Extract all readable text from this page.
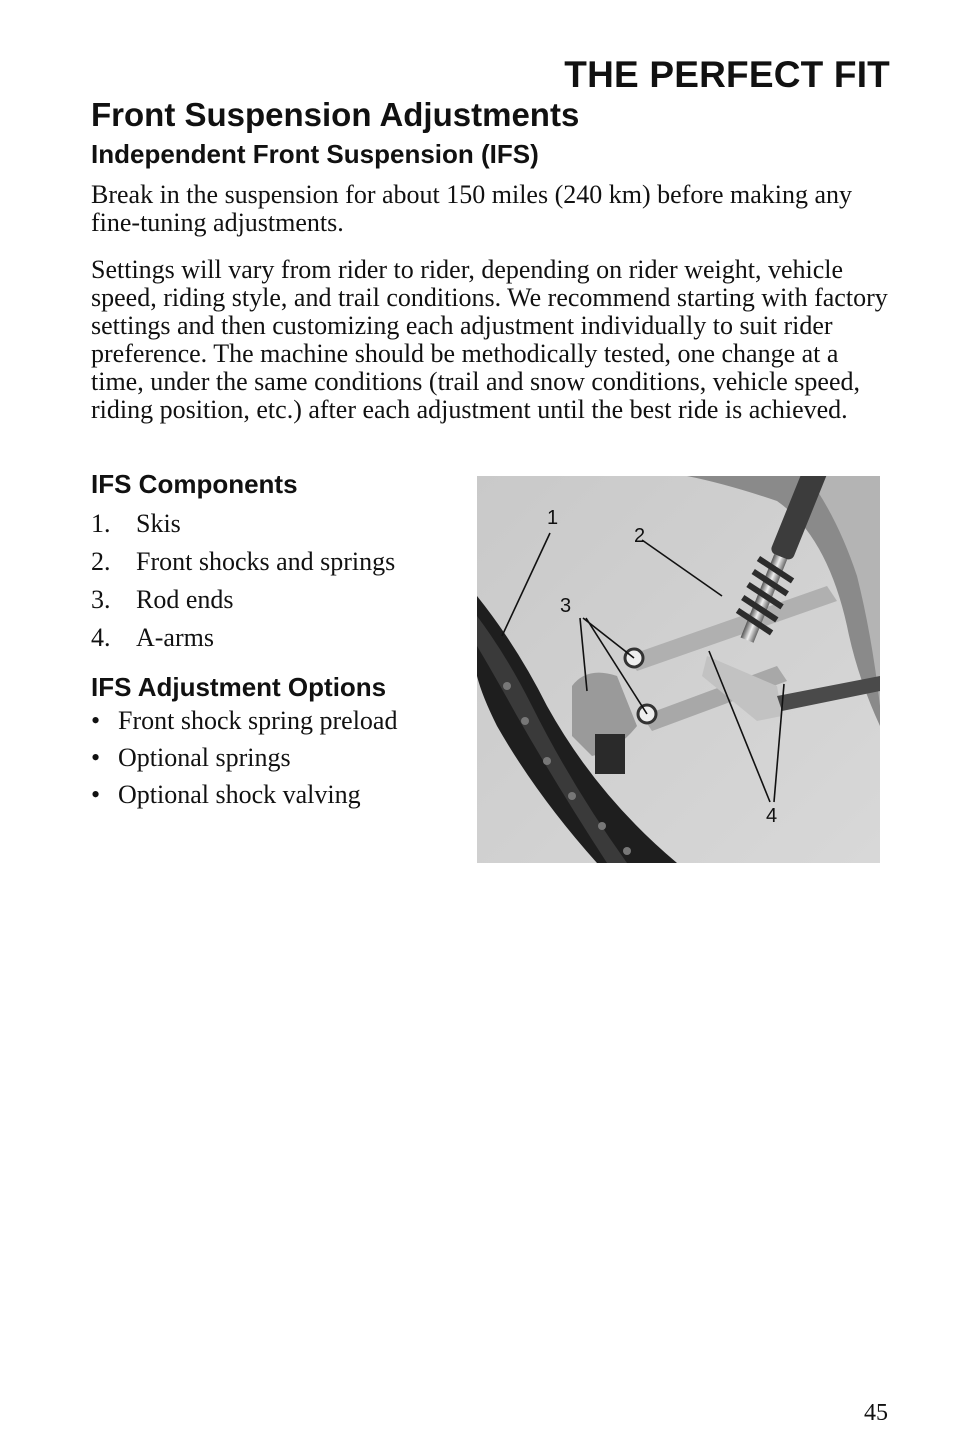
THE PERFECT FIT
Front Suspension Adjustments
Independent Front Suspension (IFS)

Break in the suspension for about 150 miles (240 km) before making any fine-tuning adjustments.

Settings will vary from rider to rider, depending on rider weight, vehicle speed, riding style, and trail conditions. We recommend starting with factory settings and then customizing each adjustment individually to suit rider preference. The machine should be methodically tested, one change at a time, under the same conditions (trail and snow conditions, vehicle speed, riding position, etc.) after each adjustment until the best ride is achieved.

IFS Components
1. Skis
2. Front shocks and springs
3. Rod ends
4. A-arms
IFS Adjustment Options
• Front shock spring preload
• Optional springs
• Optional shock valving
1
2
3
4

45
